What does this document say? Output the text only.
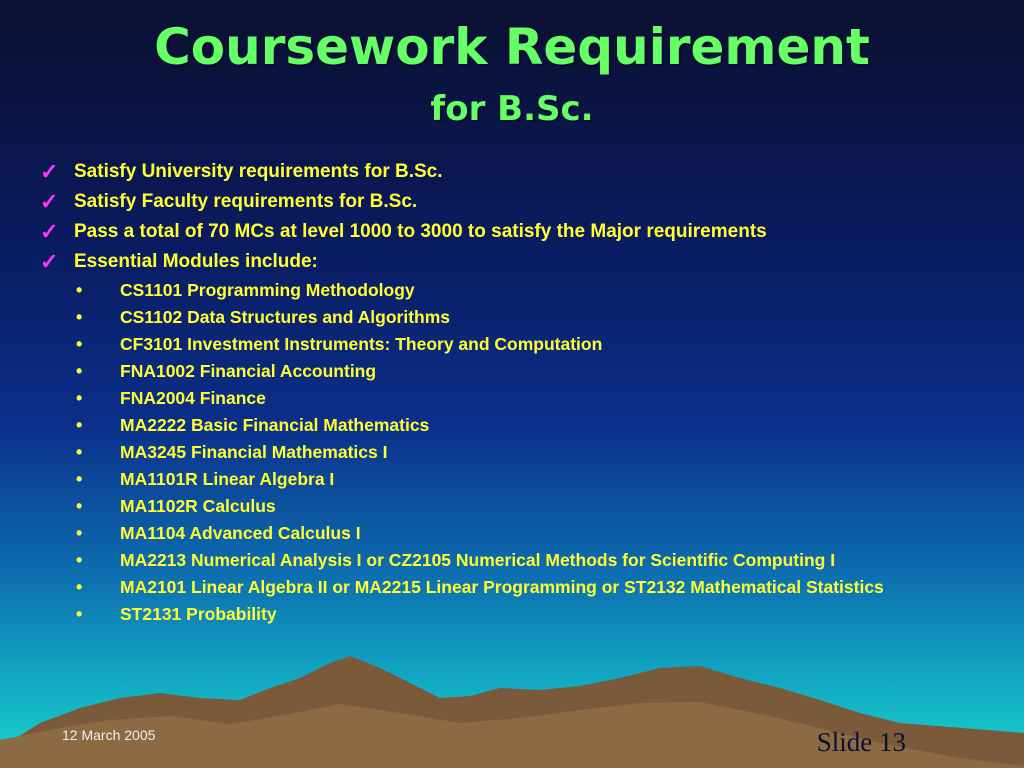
Coursework Requirement
for B.Sc.
✓ Satisfy University requirements for B.Sc.
✓ Satisfy Faculty requirements for B.Sc.
✓ Pass a total of 70 MCs at level 1000 to 3000 to satisfy the Major requirements
✓ Essential Modules include:
• CS1101 Programming Methodology
• CS1102 Data Structures and Algorithms
• CF3101 Investment Instruments: Theory and Computation
• FNA1002 Financial Accounting
• FNA2004 Finance
• MA2222 Basic Financial Mathematics
• MA3245 Financial Mathematics I
• MA1101R Linear Algebra I
• MA1102R Calculus
• MA1104 Advanced Calculus I
• MA2213 Numerical Analysis I or CZ2105 Numerical Methods for Scientific Computing I
• MA2101 Linear Algebra II or MA2215 Linear Programming or ST2132 Mathematical Statistics
• ST2131 Probability
12 March 2005	Slide 13
